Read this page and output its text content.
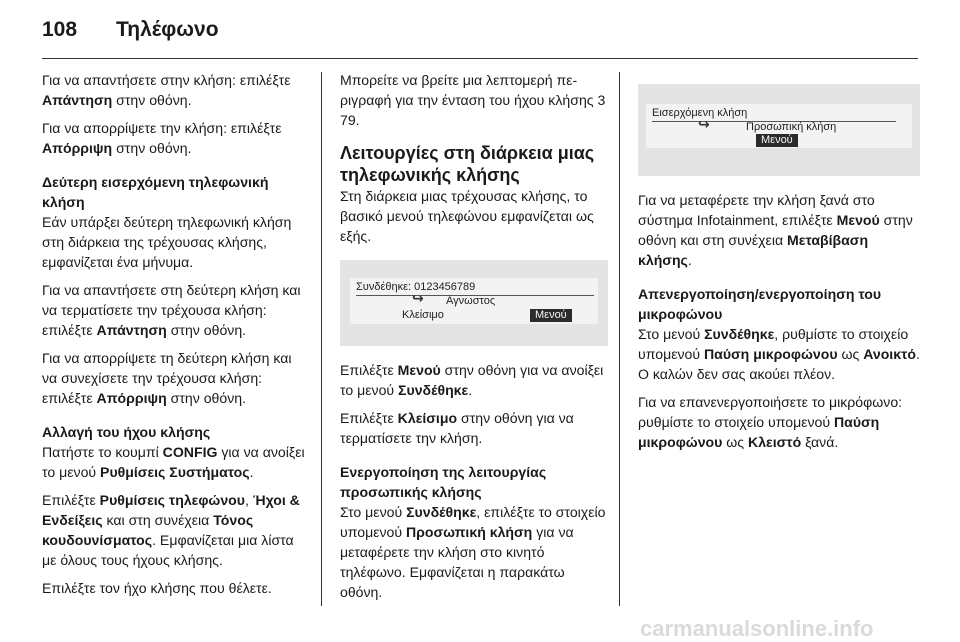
108 Τηλέφωνο

Για να απαντήσετε στην κλήση: επιλέξτε Απάντηση στην οθόνη.

Για να απορρίψετε την κλήση: επιλέξτε Απόρριψη στην οθόνη.

Δεύτερη εισερχόμενη τηλεφωνική κλήση

Εάν υπάρξει δεύτερη τηλεφωνική κλήση στη διάρκεια της τρέχουσας κλήσης, εμφανίζεται ένα μήνυμα.

Για να απαντήσετε στη δεύτερη κλήση και να τερματίσετε την τρέχουσα κλήση: επιλέξτε Απάντηση στην οθόνη.

Για να απορρίψετε τη δεύτερη κλήση και να συνεχίσετε την τρέχουσα κλήση: επιλέξτε Απόρριψη στην οθόνη.

Αλλαγή του ήχου κλήσης

Πατήστε το κουμπί CONFIG για να ανοίξει το μενού Ρυθμίσεις Συστήματος.

Επιλέξτε Ρυθμίσεις τηλεφώνου, Ήχοι & Ενδείξεις και στη συνέχεια Τόνος κουδουνίσματος. Εμφανίζεται μια λίστα με όλους τους ήχους κλήσης.

Επιλέξτε τον ήχο κλήσης που θέλετε.

Μπορείτε να βρείτε μια λεπτομερή περιγραφή για την ένταση του ήχου κλήσης 3 79.

Λειτουργίες στη διάρκεια μιας τηλεφωνικής κλήσης

Στη διάρκεια μιας τρέχουσας κλήσης, το βασικό μενού τηλεφώνου εμφανίζεται ως εξής.

Συνδέθηκε: 0123456789
↪ Αγνωστος
Κλείσιμο	Μενού

Επιλέξτε Μενού στην οθόνη για να ανοίξει το μενού Συνδέθηκε.

Επιλέξτε Κλείσιμο στην οθόνη για να τερματίσετε την κλήση.

Ενεργοποίηση της λειτουργίας προσωπικής κλήσης

Στο μενού Συνδέθηκε, επιλέξτε το στοιχείο υπομενού Προσωπική κλήση για να μεταφέρετε την κλήση στο κινητό τηλέφωνο. Εμφανίζεται η παρακάτω οθόνη.

Εισερχόμενη κλήση
↪	Προσωπική κλήση
Μενού

Για να μεταφέρετε την κλήση ξανά στο σύστημα Infotainment, επιλέξτε Μενού στην οθόνη και στη συνέχεια Μεταβίβαση κλήσης.

Απενεργοποίηση/ενεργοποίηση του μικροφώνου

Στο μενού Συνδέθηκε, ρυθμίστε το στοιχείο υπομενού Παύση μικροφώνου ως Ανοικτό. Ο καλών δεν σας ακούει πλέον.

Για να επανενεργοποιήσετε το μικρόφωνο: ρυθμίστε το στοιχείο υπομενού Παύση μικροφώνου ως Κλειστό ξανά.

carmanualsonline.info
